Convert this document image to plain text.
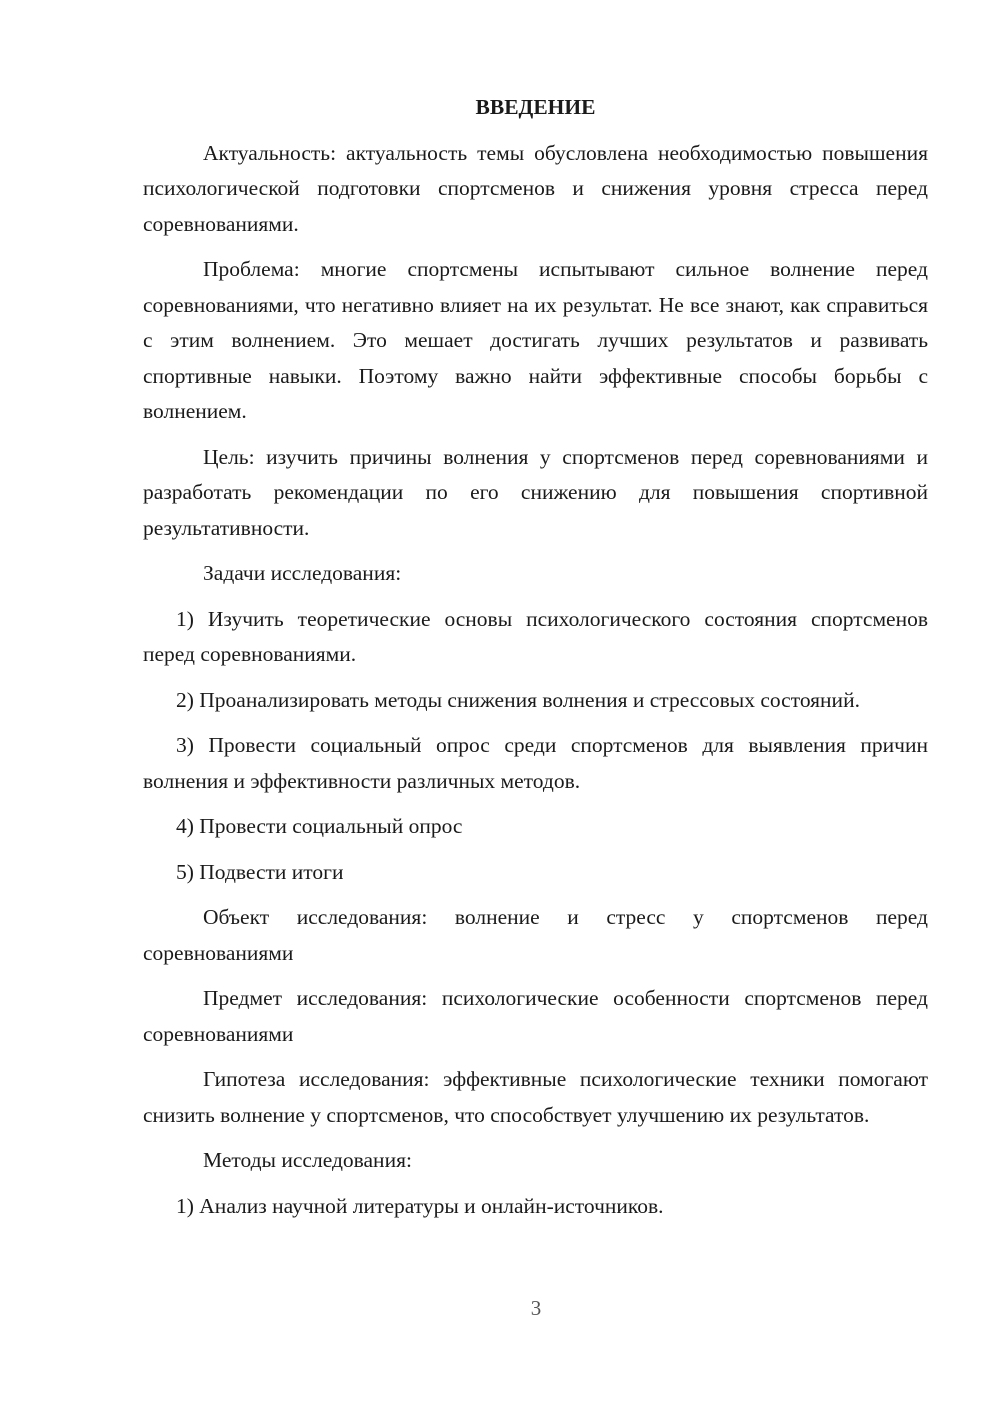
ВВЕДЕНИЕ

Актуальность: актуальность темы обусловлена необходимостью повышения психологической подготовки спортсменов и снижения уровня стресса перед соревнованиями.

Проблема: многие спортсмены испытывают сильное волнение перед соревнованиями, что негативно влияет на их результат. Не все знают, как справиться с этим волнением. Это мешает достигать лучших результатов и развивать спортивные навыки. Поэтому важно найти эффективные способы борьбы с волнением.

Цель: изучить причины волнения у спортсменов перед соревнованиями и разработать рекомендации по его снижению для повышения спортивной результативности.

Задачи исследования:

1) Изучить теоретические основы психологического состояния спортсменов перед соревнованиями.

2) Проанализировать методы снижения волнения и стрессовых состояний.

3) Провести социальный опрос среди спортсменов для выявления причин волнения и эффективности различных методов.

4) Провести социальный опрос

5) Подвести итоги

Объект исследования: волнение и стресс у спортсменов перед соревнованиями

Предмет исследования: психологические особенности спортсменов перед соревнованиями

Гипотеза исследования: эффективные психологические техники помогают снизить волнение у спортсменов, что способствует улучшению их результатов.

Методы исследования:

1) Анализ научной литературы и онлайн-источников.

3
